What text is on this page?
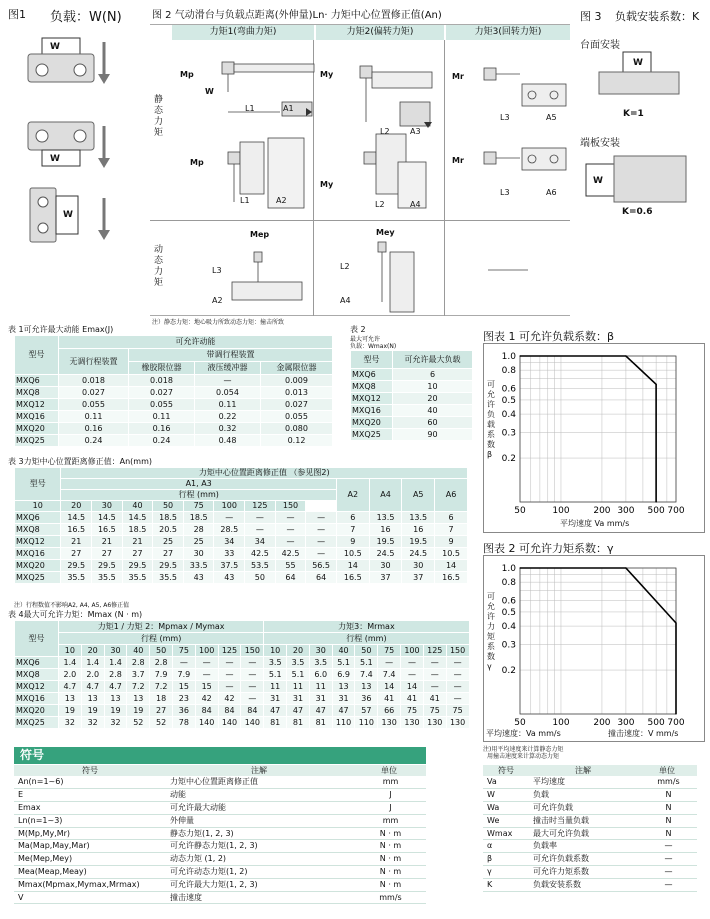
图1 负载：W(N)
W
W
W
图 2 气动滑台与负载点距离(外伸量)Ln· 力矩中心位置修正值(An)
力矩1(弯曲力矩)	力矩2(偏转力矩)	力矩3(回转力矩)
静态力矩
动态力矩
Mp
W
L1	A1
Mp
L1	A2
My
L2	A3
My
L2	A4
Mr
L3	A5
Mr
L3	A6
Mep
L3
A2
Mey
L2
A4
注）静态力矩：地心吸力所致动态力矩：撞击所致
图 3 负载安装系数：K
台面安装
W
K=1
端板安装
W
K=0.6
表 1可允许最大动能 Emax(J)
型号	可允许动能			
	无调行程装置	带调行程装置		
		橡胶限位器	液压缓冲器	金属限位器
MXQ6	0.018	0.018	—	0.009
MXQ8	0.027	0.027	0.054	0.013
MXQ12	0.055	0.055	0.11	0.027
MXQ16	0.11	0.11	0.22	0.055
MXQ20	0.16	0.16	0.32	0.080
MXQ25	0.24	0.24	0.48	0.12
表 2
最大可允许
负载：Wmax(N)
型号	可允许最大负载
MXQ6	6
MXQ8	10
MXQ12	20
MXQ16	40
MXQ20	60
MXQ25	90
表 3力矩中心位置距离修正值：An(mm)
型号	力矩中心位置距离修正值 （参见图2)												
	A1, A3									A2	A4	A5	A6
	行程 (mm)												
10	20	30	40	50	75	100	125	150					
MXQ6	14.5	14.5	14.5	18.5	18.5	—	—	—	—	6	13.5	13.5	6
MXQ8	16.5	16.5	18.5	20.5	28	28.5	—	—	—	7	16	16	7
MXQ12	21	21	21	25	25	34	34	—	—	9	19.5	19.5	9
MXQ16	27	27	27	27	30	33	42.5	42.5	—	10.5	24.5	24.5	10.5
MXQ20	29.5	29.5	29.5	29.5	33.5	37.5	53.5	55	56.5	14	30	30	14
MXQ25	35.5	35.5	35.5	35.5	43	43	50	64	64	16.5	37	37	16.5
注）行程数值不影响A2, A4, A5, A6修正值
表 4最大可允许力矩：Mmax (N · m)
型号	力矩1 / 力矩 2：Mpmax / Mymax									力矩3：Mrmax								
	行程 (mm)									行程 (mm)								
	10	20	30	40	50	75	100	125	150	10	20	30	40	50	75	100	125	150
MXQ6	1.4	1.4	1.4	2.8	2.8	—	—	—	—	3.5	3.5	3.5	5.1	5.1	—	—	—	—
MXQ8	2.0	2.0	2.8	3.7	7.9	7.9	—	—	—	5.1	5.1	6.0	6.9	7.4	7.4	—	—	—
MXQ12	4.7	4.7	4.7	7.2	7.2	15	15	—	—	11	11	11	13	13	14	14	—	—
MXQ16	13	13	13	13	18	23	42	42	—	31	31	31	31	36	41	41	41	—
MXQ20	19	19	19	19	27	36	84	84	84	47	47	47	47	57	66	75	75	75
MXQ25	32	32	32	52	52	78	140	140	140	81	81	81	110	110	130	130	130	130
图表 1 可允许负载系数：β
50	100	200 300 500 700
1.0
0.8
0.6
0.5
0.4
0.3
0.2
可允许负载系数 β
平均速度 Va mm/s
图表 2 可允许力矩系数：γ
50	100	200 300 500 700
1.0
0.8
0.6
0.5
0.4
0.3
0.2
可允许力矩系数 γ
平均速度：Va mm/s	撞击速度：V mm/s
注)用平均速度来计算静态力矩
用撞击速度来计算动态力矩
符号
符号	注解	单位
An(n=1~6)	力矩中心位置距离修正值	mm
E	动能	J
Emax	可允许最大动能	J
Ln(n=1~3)	外伸量	mm
M(Mp,My,Mr)	静态力矩(1, 2, 3)	N · m
Ma(Map,May,Mar)	可允许静态力矩(1, 2, 3)	N · m
Me(Mep,Mey)	动态力矩 (1, 2)	N · m
Mea(Meap,Meay)	可允许动态力矩(1, 2)	N · m
Mmax(Mpmax,Mymax,Mrmax)	可允许最大力矩(1, 2, 3)	N · m
V	撞击速度	mm/s
符号	注解	单位
Va	平均速度	mm/s
W	负载	N
Wa	可允许负载	N
We	撞击时当量负载	N
Wmax	最大可允许负载	N
α	负载率	—
β	可允许负载系数	—
γ	可允许力矩系数	—
K	负载安装系数	—
